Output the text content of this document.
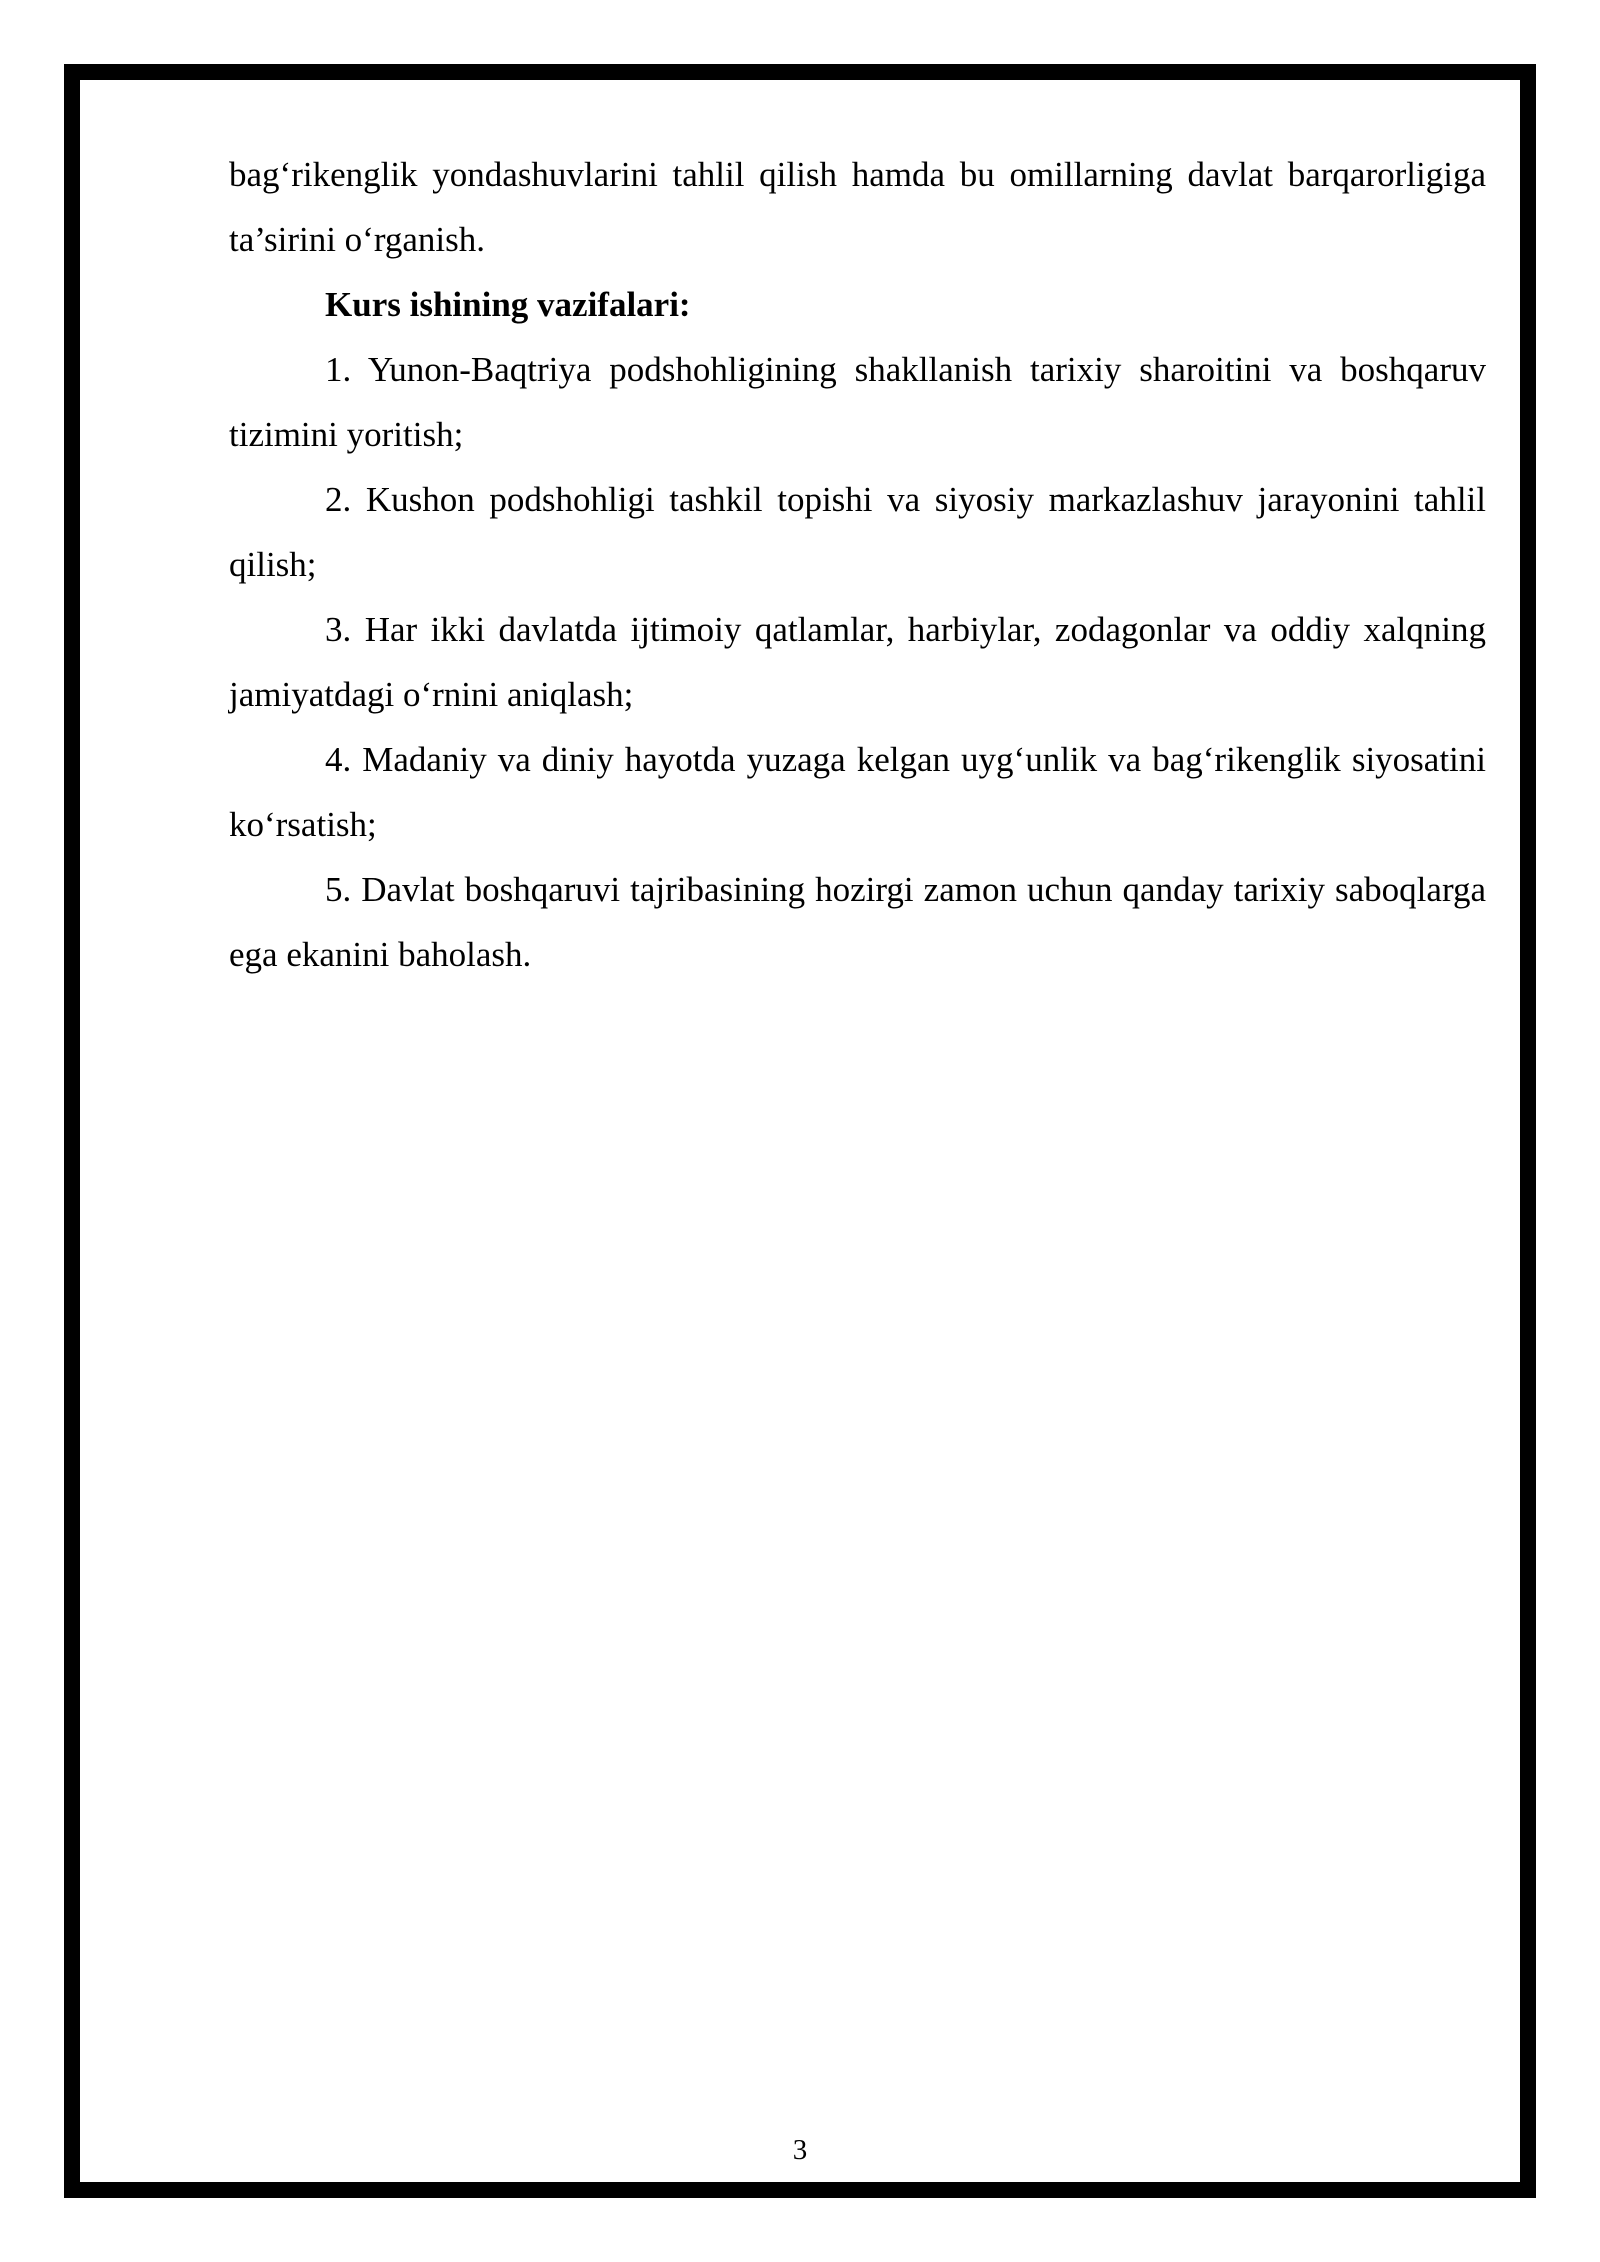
bag‘rikenglik yondashuvlarini tahlil qilish hamda bu omillarning davlat barqarorligiga ta’sirini o‘rganish.

Kurs ishining vazifalari:

1. Yunon-Baqtriya podshohligining shakllanish tarixiy sharoitini va boshqaruv tizimini yoritish;

2. Kushon podshohligi tashkil topishi va siyosiy markazlashuv jarayonini tahlil qilish;

3. Har ikki davlatda ijtimoiy qatlamlar, harbiylar, zodagonlar va oddiy xalqning jamiyatdagi o‘rnini aniqlash;

4. Madaniy va diniy hayotda yuzaga kelgan uyg‘unlik va bag‘rikenglik siyosatini ko‘rsatish;

5. Davlat boshqaruvi tajribasining hozirgi zamon uchun qanday tarixiy saboqlarga ega ekanini baholash.

3
